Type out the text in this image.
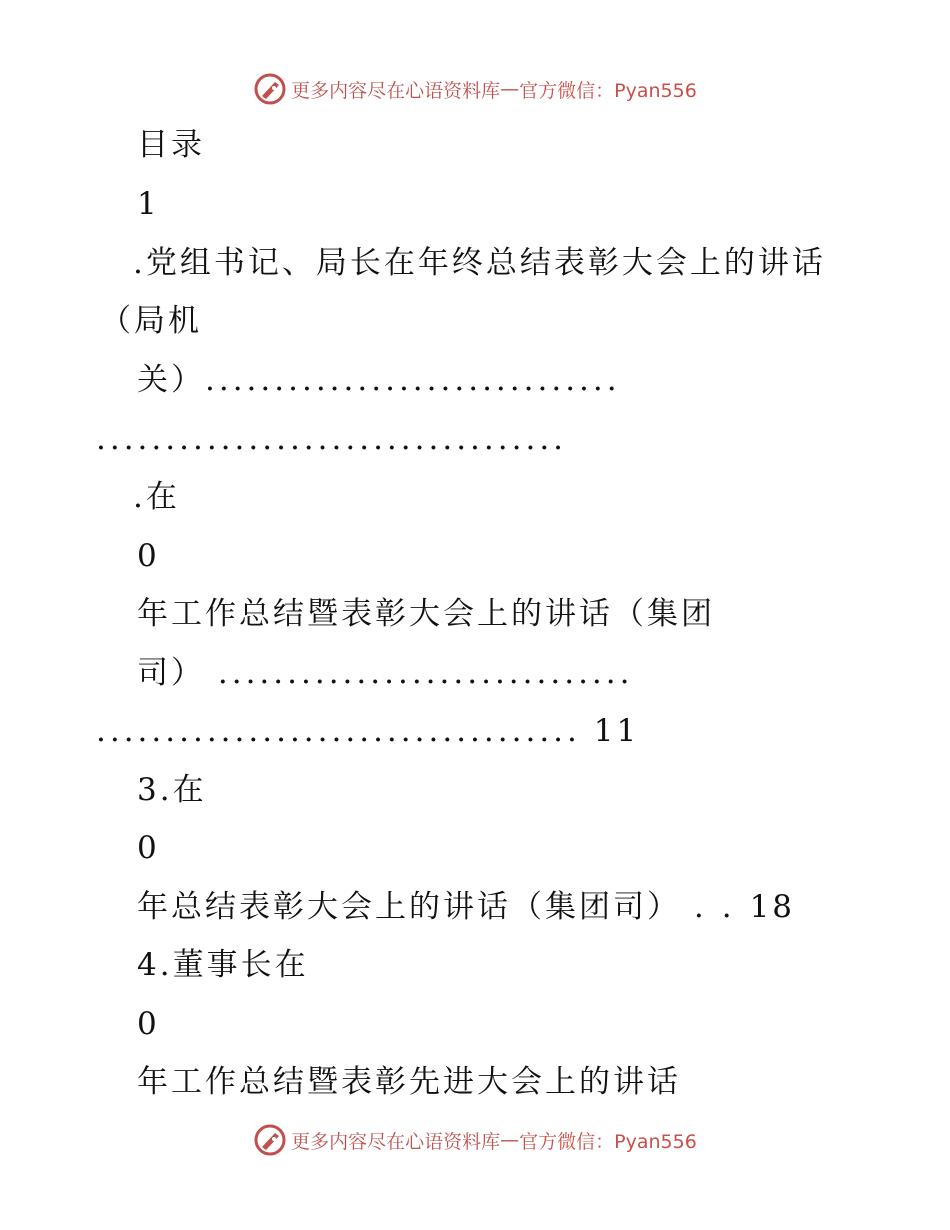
更多内容尽在心语资料库 — 官方微信：Pyan556
目录
1
.党组书记、局长在年终总结表彰大会上的讲话
（局机
关）..............................
..................................
.在
0
年工作总结暨表彰大会上的讲话（集团
司） ..............................
................................... 11
3.在
0
年总结表彰大会上的讲话（集团司） ..18
4.董事长在
0
年工作总结暨表彰先进大会上的讲话
更多内容尽在心语资料库 — 官方微信：Pyan556
